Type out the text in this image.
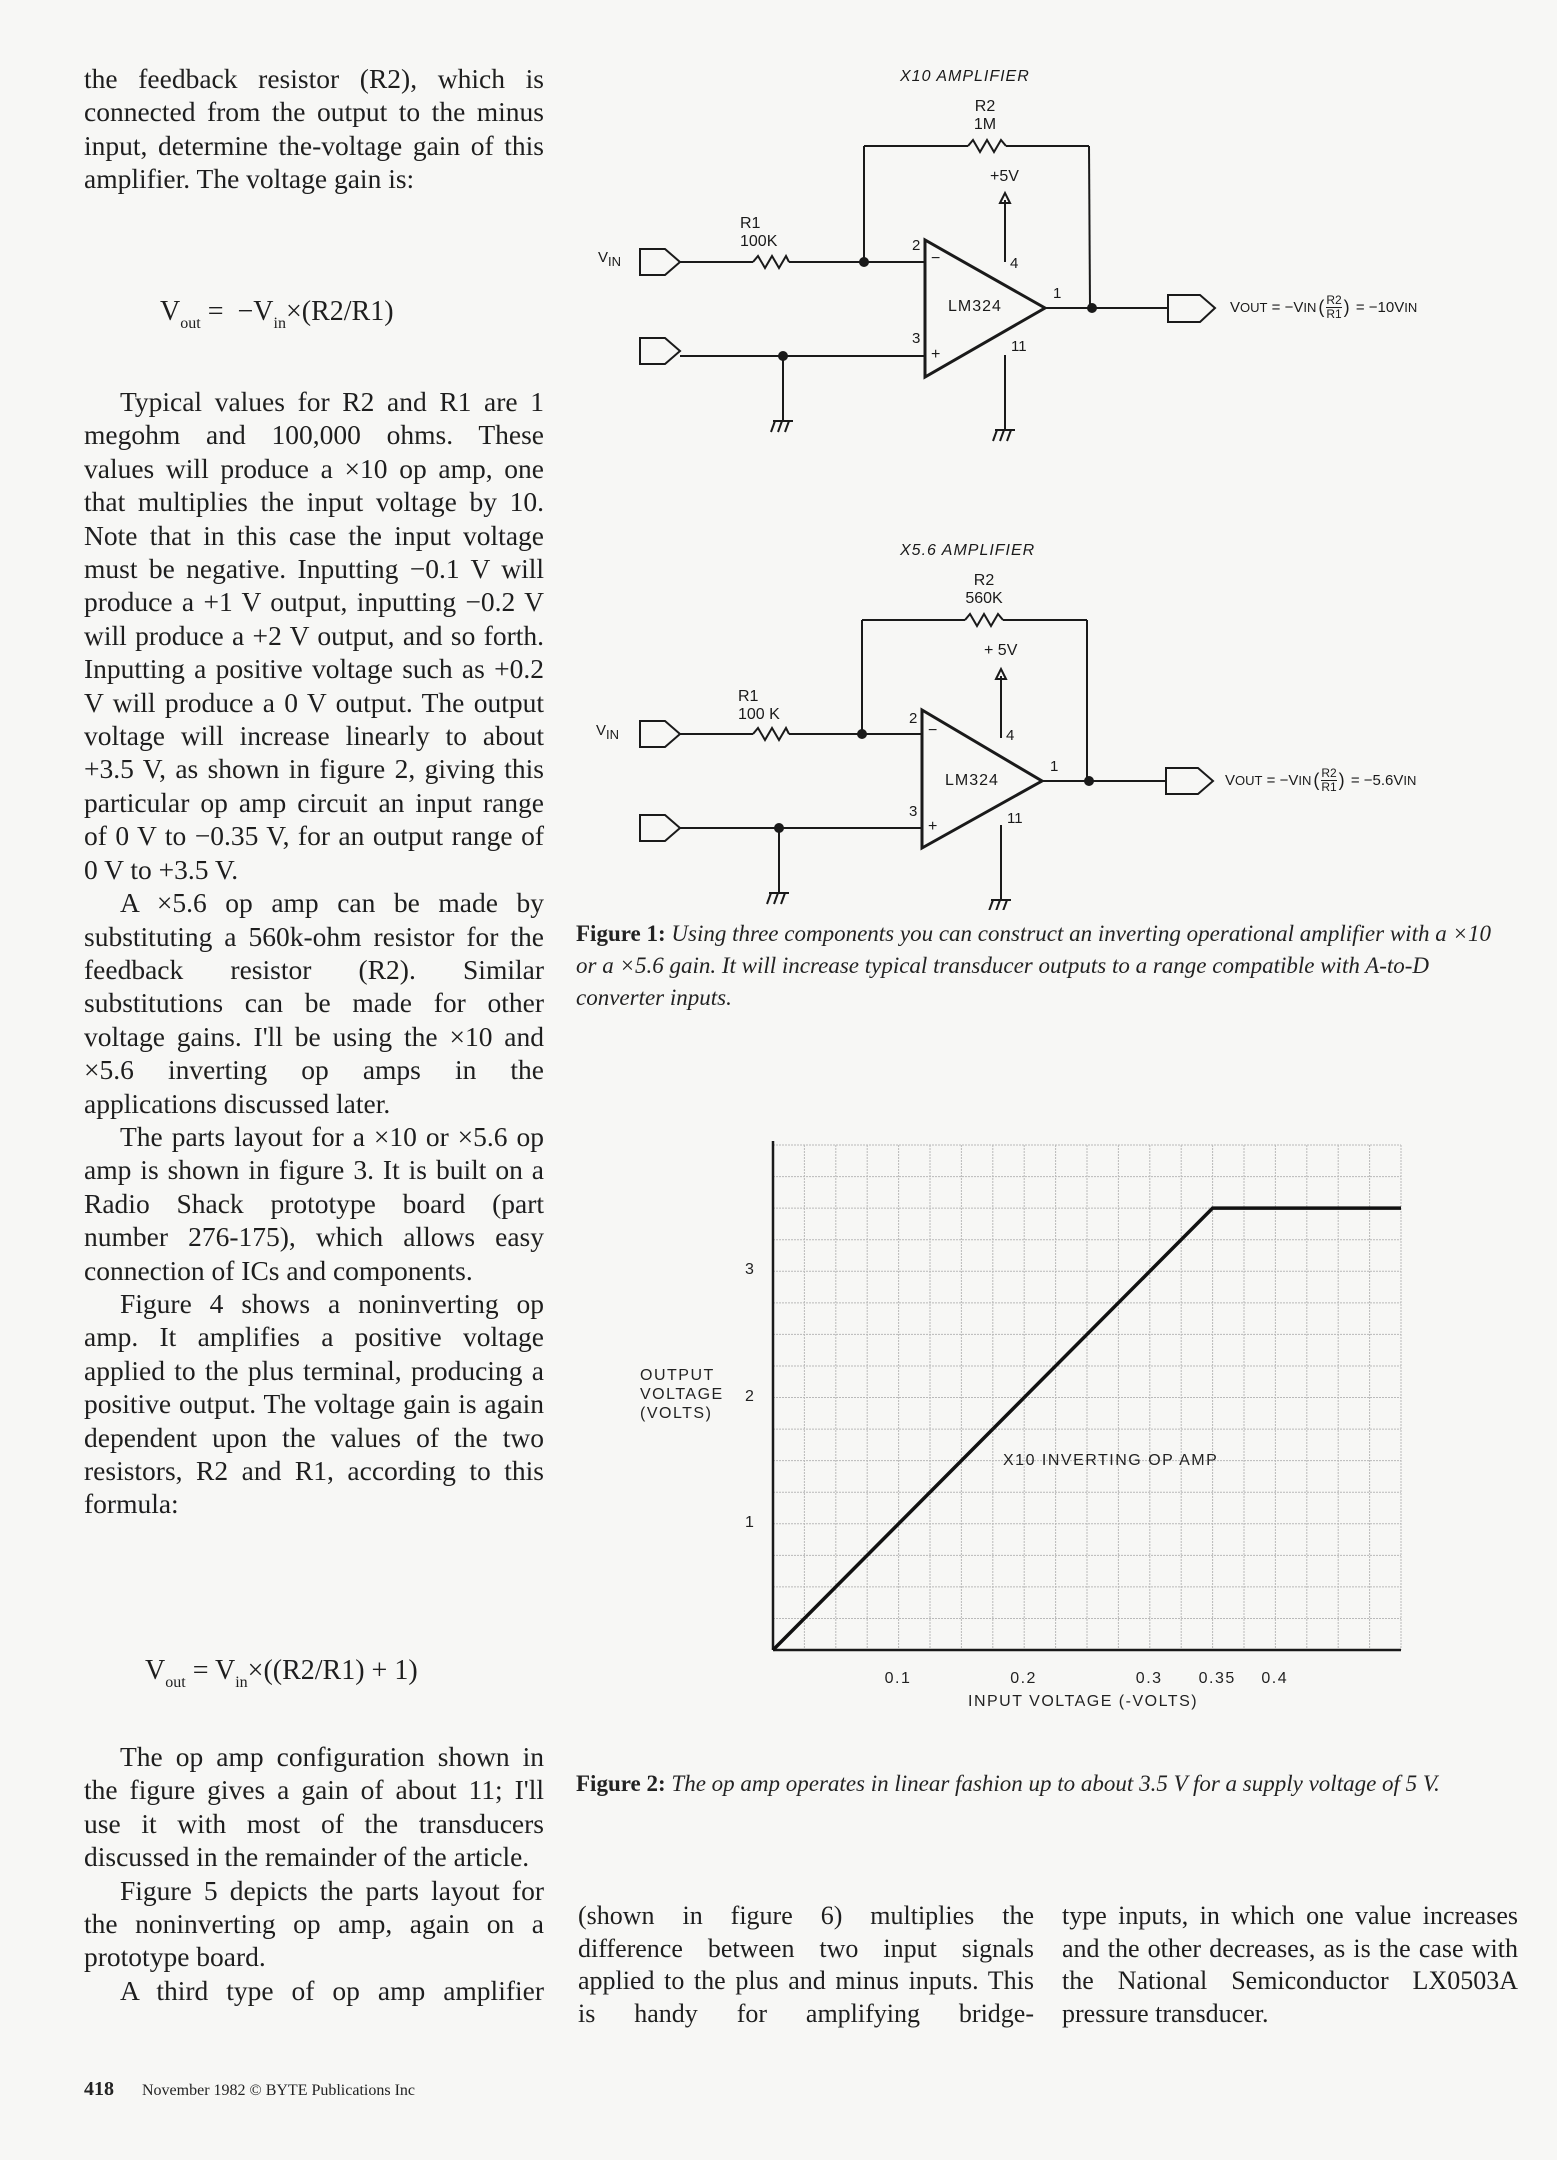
the feedback resistor (R2), which is connected from the output to the minus input, determine the-voltage gain of this amplifier. The voltage gain is:

$V_{out} = -V_{in}\times(R2/R1)$

Typical values for R2 and R1 are 1 megohm and 100,000 ohms. These values will produce a ×10 op amp, one that multiplies the input voltage by 10. Note that in this case the input voltage must be negative. Inputting −0.1 V will produce a +1 V output, inputting −0.2 V will produce a +2 V output, and so forth. Inputting a positive voltage such as +0.2 V will produce a 0 V output. The output voltage will increase linearly to about +3.5 V, as shown in figure 2, giving this particular op amp circuit an input range of 0 V to −0.35 V, for an output range of 0 V to +3.5 V.

A ×5.6 op amp can be made by substituting a 560k-ohm resistor for the feedback resistor (R2). Similar substitutions can be made for other voltage gains. I'll be using the ×10 and ×5.6 inverting op amps in the applications discussed later.

The parts layout for a ×10 or ×5.6 op amp is shown in figure 3. It is built on a Radio Shack prototype board (part number 276-175), which allows easy connection of ICs and components.

Figure 4 shows a noninverting op amp. It amplifies a positive voltage applied to the plus terminal, producing a positive output. The voltage gain is again dependent upon the values of the two resistors, R2 and R1, according to this formula:

$V_{out} = V_{in}\times((R2/R1) + 1)$

The op amp configuration shown in the figure gives a gain of about 11; I'll use it with most of the transducers discussed in the remainder of the article.

Figure 5 depicts the parts layout for the noninverting op amp, again on a prototype board.

A third type of op amp amplifier

X10 AMPLIFIER
R2
1M
R1
100K
+5V
LM324
2
3
4
11
1
−
+
$V_{IN}$
V OUT = −V IN ( $\frac{R2}{R1}$ ) = −10V IN
X5.6 AMPLIFIER
R2
560K
R1
100 K
+ 5V
LM324
2
3
4
11
1
−
+
$V_{IN}$
V OUT = −V IN ( $\frac{R2}{R1}$ ) = −5.6V IN
Figure 1: Using three components you can construct an inverting operational amplifier with a ×10 or a ×5.6 gain. It will increase typical transducer outputs to a range compatible with A-to-D converter inputs.
OUTPUT VOLTAGE (VOLTS)
1
2
3
0.1	0.2	0.3 0.35 0.4
INPUT VOLTAGE (-VOLTS)
X10 INVERTING OP AMP
Figure 2: The op amp operates in linear fashion up to about 3.5 V for a supply voltage of 5 V.
(shown in figure 6) multiplies the difference between two input signals applied to the plus and minus inputs. This is handy for amplifying bridge-
type inputs, in which one value increases and the other decreases, as is the case with the National Semiconductor LX0503A pressure transducer.
418 November 1982 © BYTE Publications Inc
